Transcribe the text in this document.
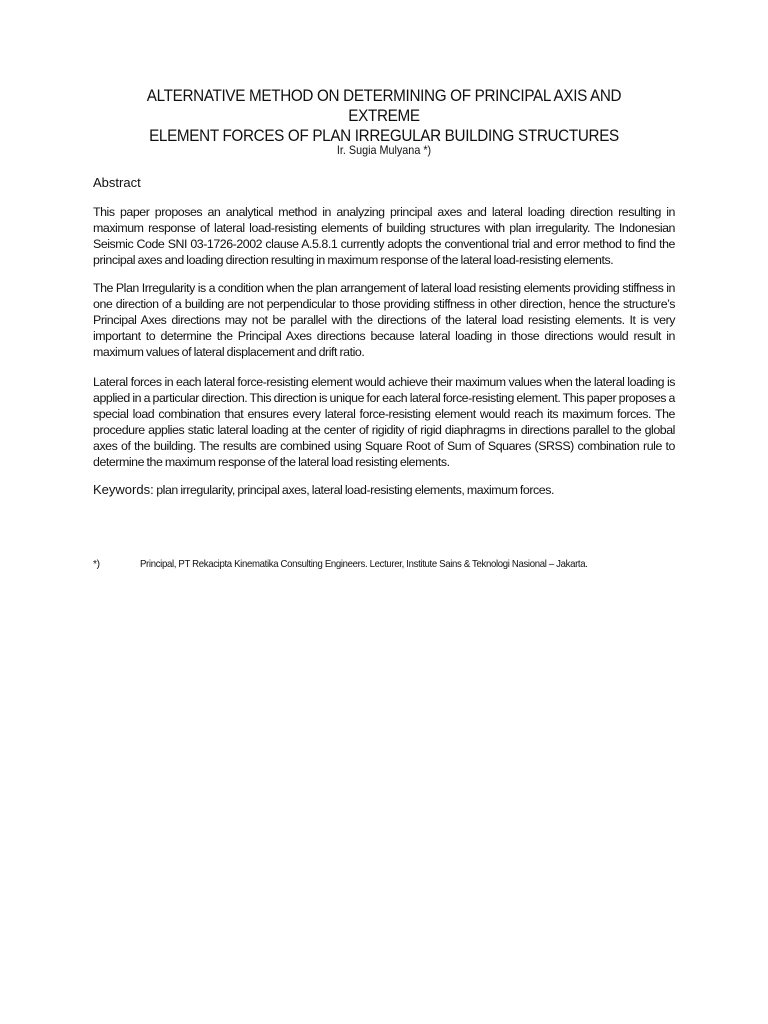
ALTERNATIVE METHOD ON DETERMINING OF PRINCIPAL AXIS AND EXTREME
ELEMENT FORCES OF PLAN IRREGULAR BUILDING STRUCTURES
Ir. Sugia Mulyana *)
Abstract

This paper proposes an analytical method in analyzing principal axes and lateral loading direction resulting in maximum response of lateral load-resisting elements of building structures with plan irregularity. The Indonesian Seismic Code SNI 03-1726-2002 clause A.5.8.1 currently adopts the conventional trial and error method to find the principal axes and loading direction resulting in maximum response of the lateral load-resisting elements.

The Plan Irregularity is a condition when the plan arrangement of lateral load resisting elements providing stiffness in one direction of a building are not perpendicular to those providing stiffness in other direction, hence the structure’s Principal Axes directions may not be parallel with the directions of the lateral load resisting elements. It is very important to determine the Principal Axes directions because lateral loading in those directions would result in maximum values of lateral displacement and drift ratio.

Lateral forces in each lateral force-resisting element would achieve their maximum values when the lateral loading is applied in a particular direction. This direction is unique for each lateral force-resisting element. This paper proposes a special load combination that ensures every lateral force-resisting element would reach its maximum forces. The procedure applies static lateral loading at the center of rigidity of rigid diaphragms in directions parallel to the global axes of the building. The results are combined using Square Root of Sum of Squares (SRSS) combination rule to determine the maximum response of the lateral load resisting elements.

Keywords: plan irregularity, principal axes, lateral load-resisting elements, maximum forces.

*)	Principal, PT Rekacipta Kinematika Consulting Engineers. Lecturer, Institute Sains & Teknologi Nasional – Jakarta.
